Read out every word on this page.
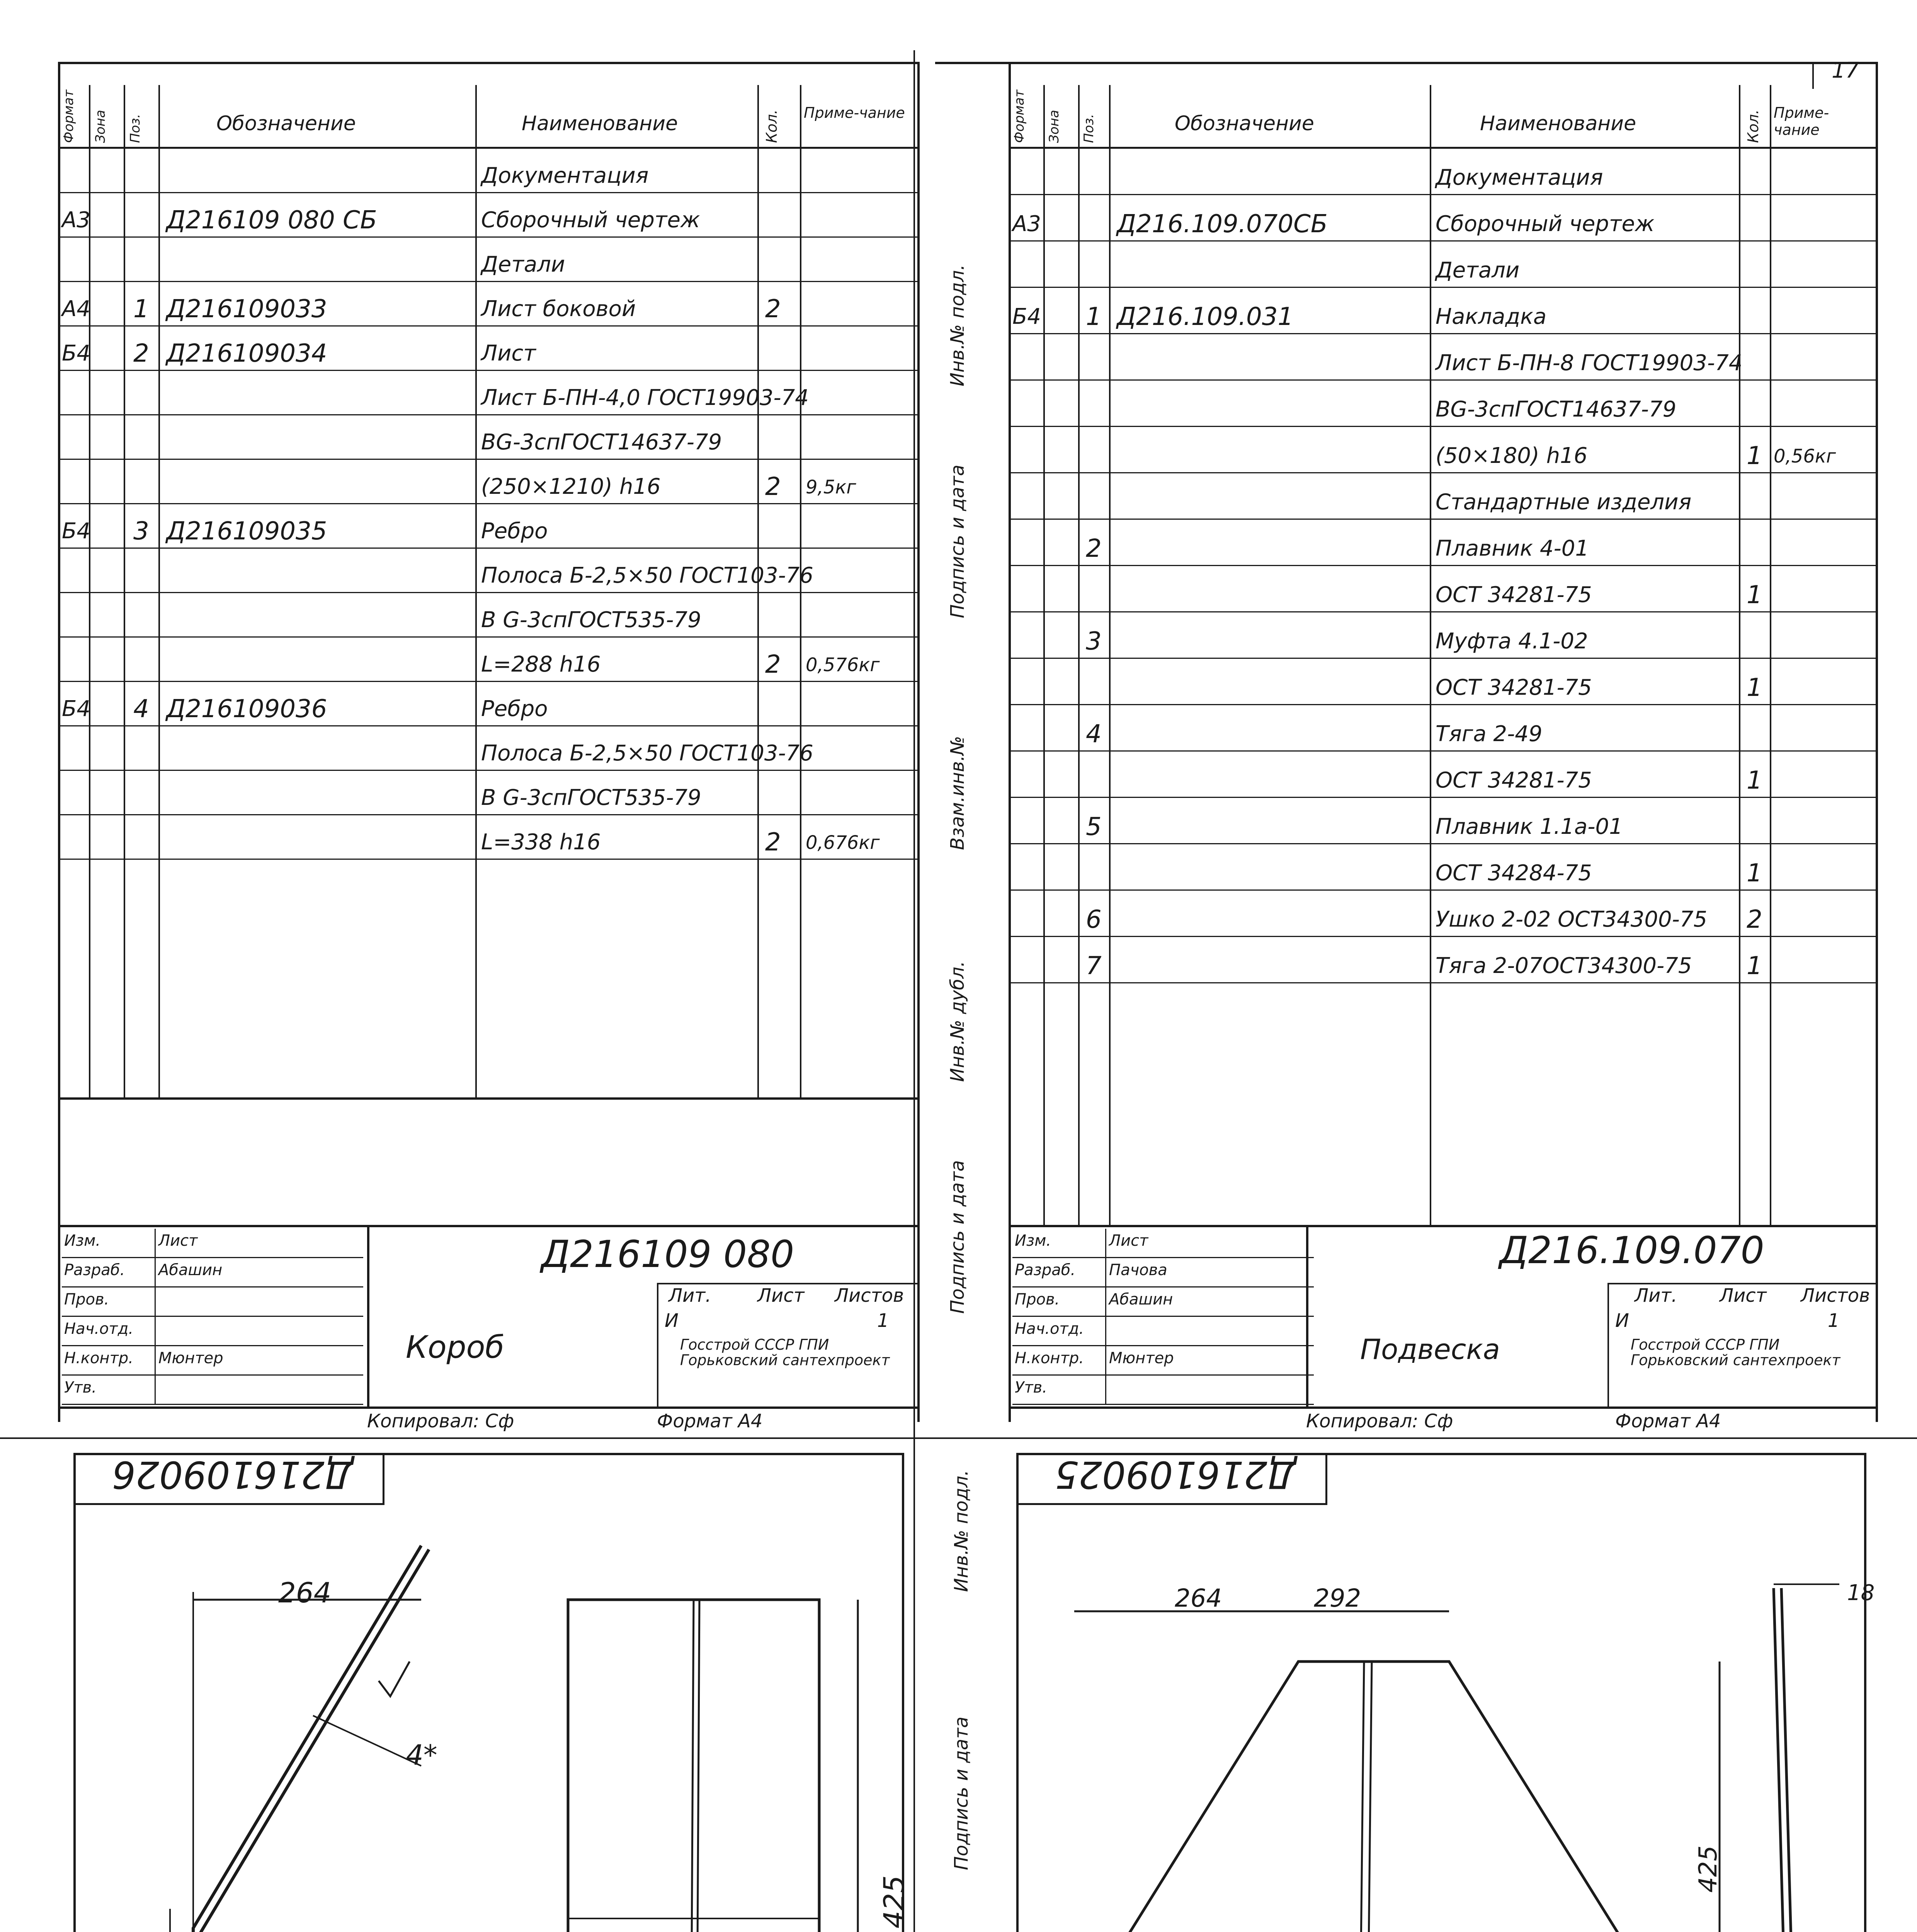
Формат Зона Поз.	Обозначение	Наименование	Кол. Приме-чание
Документация
А3	Д216109 080 СБ	Сборочный чертеж
Детали
А4 1 Д216109033	Лист боковой	2
Б4 2 Д216109034	Лист
Лист Б-ПН-4,0 ГОСТ19903-74
ВG-3спГОСТ14637-79
(250×1210) h16	2 9,5кг
Б4 3 Д216109035	Ребро
Полоса Б-2,5×50 ГОСТ103-76
В G-3спГОСТ535-79
L=288 h16	2 0,576кг
Б4 4 Д216109036	Ребро
Полоса Б-2,5×50 ГОСТ103-76
В G-3спГОСТ535-79
L=338 h16	2 0,676кг
Д216109 080
Короб
Лит. Лист Листов
И	1
Госстрой СССР ГПИ Горьковский сантехпроект
Изм.	Лист
Разраб. Абашин
Пров.
Нач.отд.
Н.контр. Мюнтер
Утв.
Копировал: Сф	Формат А4
17
Обозначение	Наименование	Кол. Приме-чание
Формат Зона Поз.
Документация
А3	Д216.109.070СБ	Сборочный чертеж
Детали
Б4 1 Д216.109.031	Накладка
Лист Б-ПН-8 ГОСТ19903-74
ВG-3спГОСТ14637-79
(50×180) h16	1 0,56кг
Стандартные изделия
2	Плавник 4-01
ОСТ 34281-75	1
3	Муфта 4.1-02
ОСТ 34281-75	1
4	Тяга 2-49
ОСТ 34281-75	1
5	Плавник 1.1а-01
ОСТ 34284-75	1
6	Ушко 2-02 ОСТ34300-75 2
7	Тяга 2-07ОСТ34300-75 1
Д216.109.070
Подвеска
Лит. Лист Листов
И	1
Госстрой СССР ГПИ Горьковский сантехпроект
Изм.	Лист
Разраб. Пачова
Пров.	Абашин
Нач.отд.
Н.контр. Мюнтер
Утв.
Копировал: Сф	Формат А4
Подпись и дата
Инв.№ дубл.
Взам.инв.№
Подпись и дата
Инв.№ подл.
Подпись и дата
Инв.№ подл.
Д216109026
264
425
4*
Д216109025
264	292
425
18
